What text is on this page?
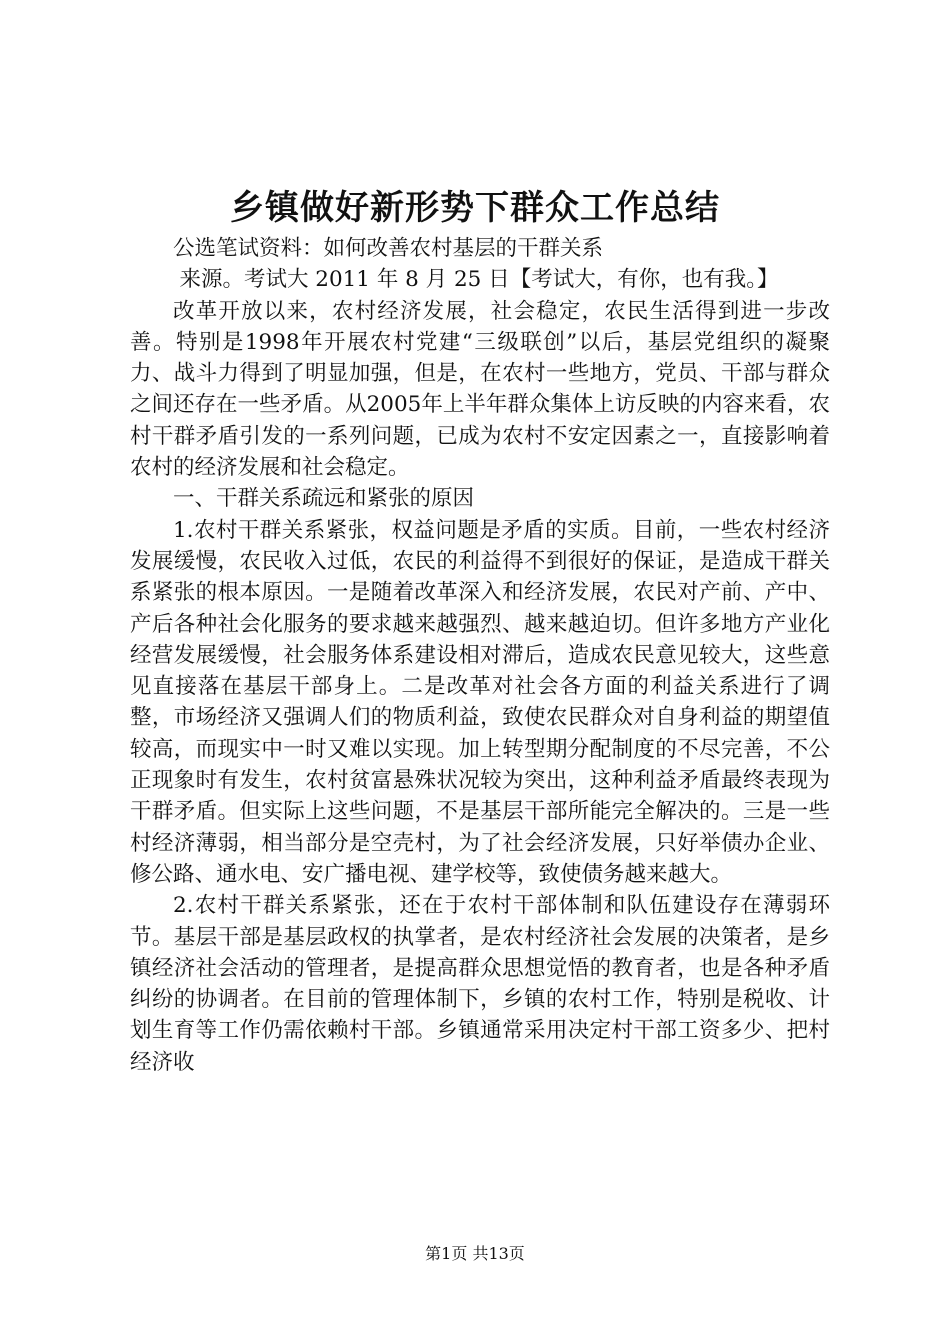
乡镇做好新形势下群众工作总结

公选笔试资料：如何改善农村基层的干群关系

来源。考试大 2011 年 8 月 25 日【考试大，有你，也有我。】

改革开放以来，农村经济发展，社会稳定，农民生活得到进一步改善。特别是1998年开展农村党建“三级联创”以后，基层党组织的凝聚力、战斗力得到了明显加强，但是，在农村一些地方，党员、干部与群众之间还存在一些矛盾。从2005年上半年群众集体上访反映的内容来看，农村干群矛盾引发的一系列问题，已成为农村不安定因素之一，直接影响着农村的经济发展和社会稳定。

一、干群关系疏远和紧张的原因

1.农村干群关系紧张，权益问题是矛盾的实质。目前，一些农村经济发展缓慢，农民收入过低，农民的利益得不到很好的保证，是造成干群关系紧张的根本原因。一是随着改革深入和经济发展，农民对产前、产中、产后各种社会化服务的要求越来越强烈、越来越迫切。但许多地方产业化经营发展缓慢，社会服务体系建设相对滞后，造成农民意见较大，这些意见直接落在基层干部身上。二是改革对社会各方面的利益关系进行了调整，市场经济又强调人们的物质利益，致使农民群众对自身利益的期望值较高，而现实中一时又难以实现。加上转型期分配制度的不尽完善，不公正现象时有发生，农村贫富悬殊状况较为突出，这种利益矛盾最终表现为干群矛盾。但实际上这些问题，不是基层干部所能完全解决的。三是一些村经济薄弱，相当部分是空壳村，为了社会经济发展，只好举债办企业、修公路、通水电、安广播电视、建学校等，致使债务越来越大。

2.农村干群关系紧张，还在于农村干部体制和队伍建设存在薄弱环节。基层干部是基层政权的执掌者，是农村经济社会发展的决策者，是乡镇经济社会活动的管理者，是提高群众思想觉悟的教育者，也是各种矛盾纠纷的协调者。在目前的管理体制下，乡镇的农村工作，特别是税收、计划生育等工作仍需依赖村干部。乡镇通常采用决定村干部工资多少、把村经济收

第1页 共13页
